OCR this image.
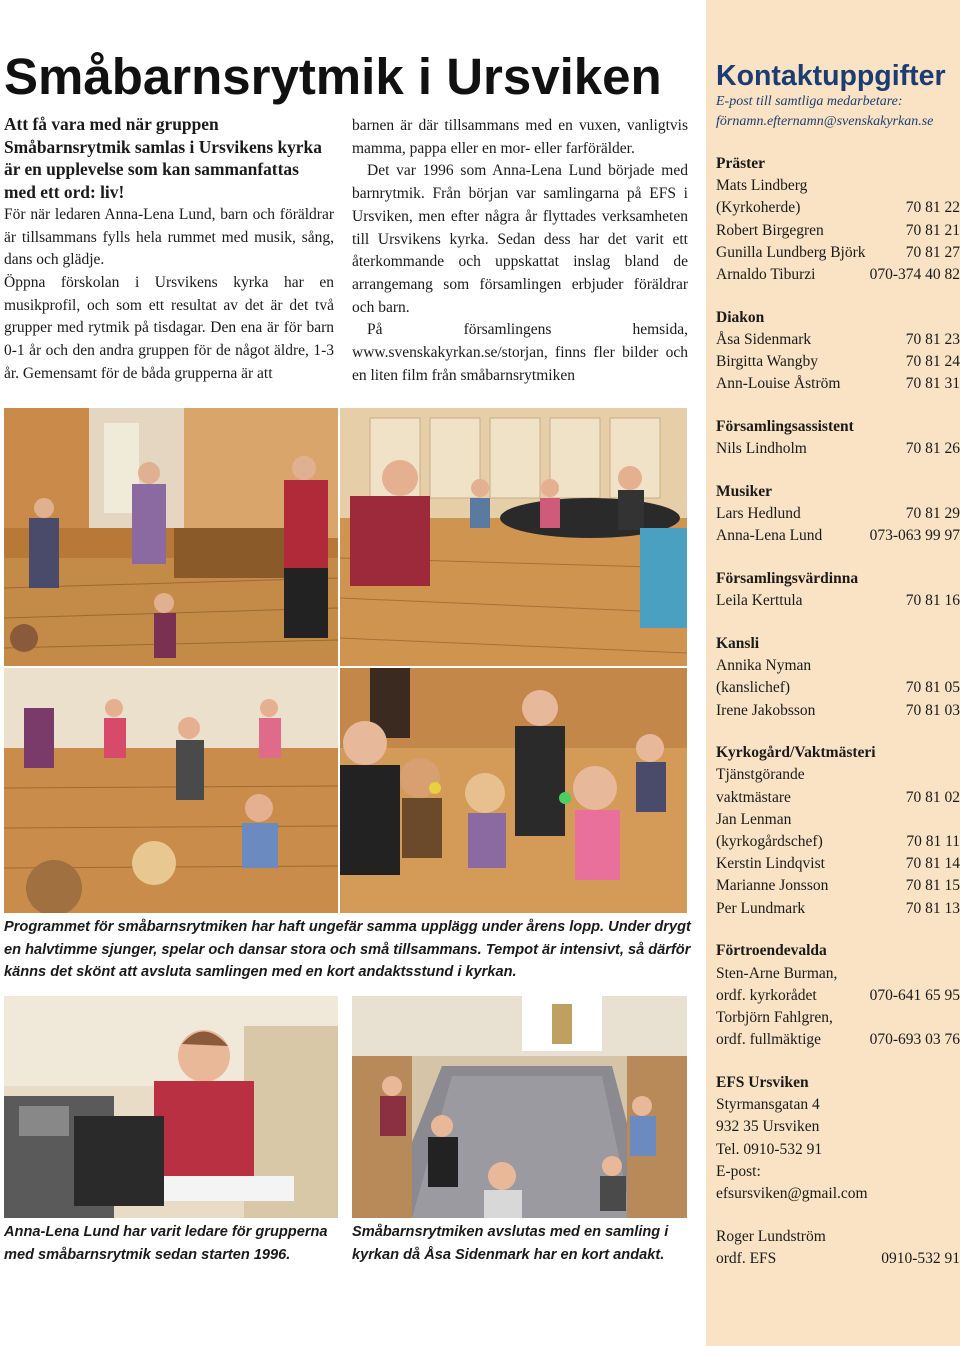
Småbarnsrytmik i Ursviken

Att få vara med när gruppen Småbarnsrytmik samlas i Ursvikens kyrka är en upplevelse som kan sammanfattas med ett ord: liv!

För när ledaren Anna-Lena Lund, barn och föräldrar är tillsammans fylls hela rummet med musik, sång, dans och glädje.

Öppna förskolan i Ursvikens kyrka har en musikprofil, och som ett resultat av det är det två grupper med rytmik på tisdagar. Den ena är för barn 0-1 år och den andra gruppen för de något äldre, 1-3 år. Gemensamt för de båda grupperna är att

barnen är där tillsammans med en vuxen, vanligtvis mamma, pappa eller en mor- eller farförälder.

Det var 1996 som Anna-Lena Lund började med barnrytmik. Från början var samlingarna på EFS i Ursviken, men efter några år flyttades verksamheten till Ursvikens kyrka. Sedan dess har det varit ett återkommande och uppskattat inslag bland de arrangemang som församlingen erbjuder föräldrar och barn.

På församlingens hemsida, www.svenskakyrkan.se/storjan, finns fler bilder och en liten film från småbarnsrytmiken

Programmet för småbarnsrytmiken har haft ungefär samma upplägg under årens lopp. Under drygt en halvtimme sjunger, spelar och dansar stora och små tillsammans. Tempot är intensivt, så därför känns det skönt att avsluta samlingen med en kort andaktsstund i kyrkan.

Anna-Lena Lund har varit ledare för grupperna med småbarnsrytmik sedan starten 1996.

Småbarnsrytmiken avslutas med en samling i kyrkan då Åsa Sidenmark har en kort andakt.

Kontaktuppgifter
E-post till samtliga medarbetare:
förnamn.efternamn@svenskakyrkan.se
Präster
Mats Lindberg
(Kyrkoherde)	70 81 22
Robert Birgegren	70 81 21
Gunilla Lundberg Björk	70 81 27
Arnaldo Tiburzi	070-374 40 82
Diakon
Åsa Sidenmark	70 81 23
Birgitta Wangby	70 81 24
Ann-Louise Åström	70 81 31
Församlingsassistent
Nils Lindholm	70 81 26
Musiker
Lars Hedlund	70 81 29
Anna-Lena Lund	073-063 99 97
Församlingsvärdinna
Leila Kerttula	70 81 16
Kansli
Annika Nyman
(kanslichef)	70 81 05
Irene Jakobsson	70 81 03
Kyrkogård/Vaktmästeri
Tjänstgörande
vaktmästare	70 81 02
Jan Lenman
(kyrkogårdschef)	70 81 11
Kerstin Lindqvist	70 81 14
Marianne Jonsson	70 81 15
Per Lundmark	70 81 13
Förtroendevalda
Sten-Arne Burman,
ordf. kyrkorådet	070-641 65 95
Torbjörn Fahlgren,
ordf. fullmäktige	070-693 03 76
EFS Ursviken
Styrmansgatan 4
932 35 Ursviken
Tel. 0910-532 91
E-post:
efsursviken@gmail.com
Roger Lundström
ordf. EFS	0910-532 91
